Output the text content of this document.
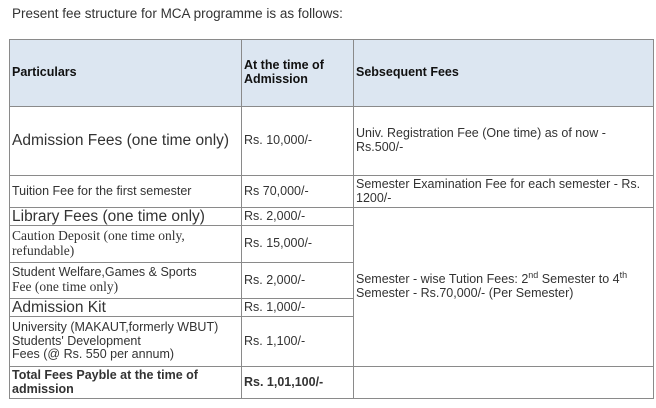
Present fee structure for MCA programme is as follows:

Particulars	At the time of Admission	Sebsequent Fees
Admission Fees (one time only)	Rs. 10,000/-	Univ. Registration Fee (One time) as of now - Rs.500/-
Tuition Fee for the first semester	Rs 70,000/-	Semester Examination Fee for each semester - Rs. 1200/-
Library Fees (one time only)	Rs. 2,000/-	Semester - wise Tution Fees: 2nd Semester to 4th Semester - Rs.70,000/- (Per Semester)
Caution Deposit (one time only, refundable)	Rs. 15,000/-	

Student Welfare,Games & Sports
Fee (one time only)	Rs. 2,000/-	
Admission Kit	Rs. 1,000/-	

University (MAKAUT,formerly WBUT)
Students' Development
Fees (@ Rs. 550 per annum)	Rs. 1,100/-	
Total Fees Payble at the time of admission	Rs. 1,01,100/-	
